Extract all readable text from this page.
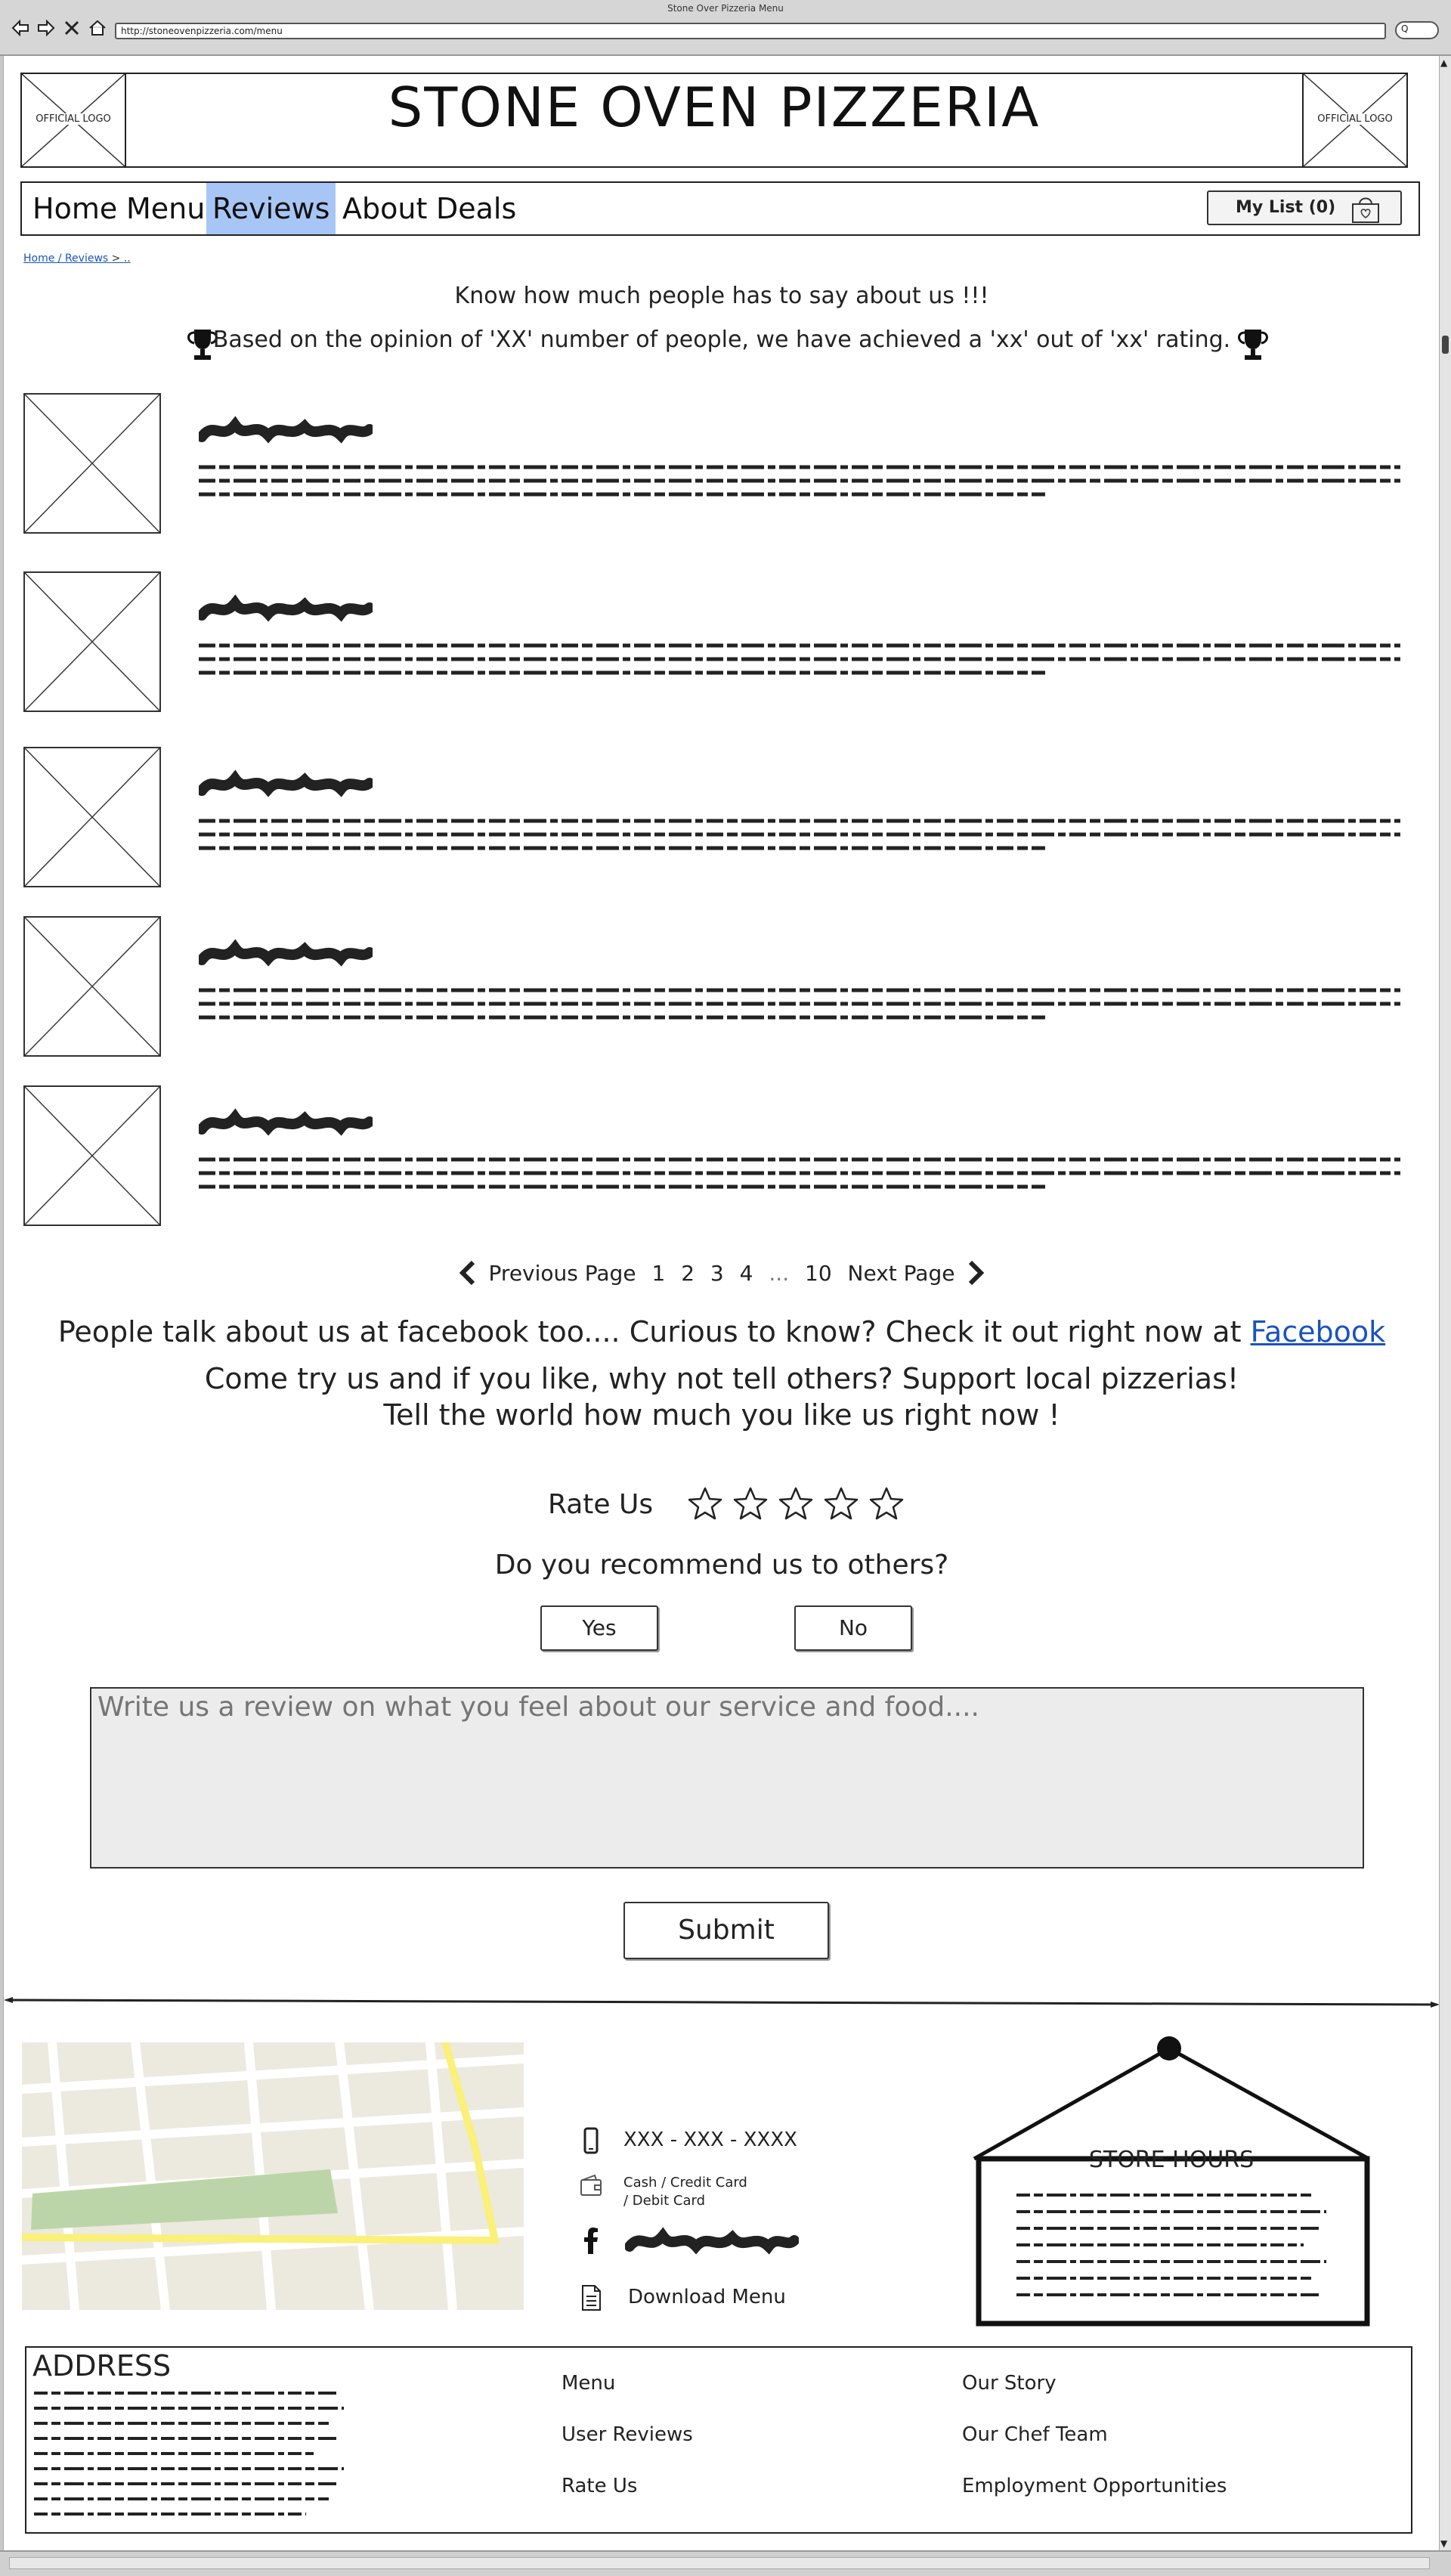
Stone Over Pizzeria Menu
http://stoneovenpizzeria.com/menu	Q
OFFICIAL LOGO	STONE OVEN PIZZERIA	OFFICIAL LOGO
Home Menu Reviews About Deals	My List (0)
Home / Reviews > ..
Know how much people has to say about us !!!
Based on the opinion of 'XX' number of people, we have achieved a 'xx' out of 'xx' rating.
Previous Page 1 2 3 4 ... 10 Next Page
People talk about us at facebook too.... Curious to know? Check it out right now at Facebook
Come try us and if you like, why not tell others? Support local pizzerias!
Tell the world how much you like us right now !
Rate Us
Do you recommend us to others?
Yes	No
Write us a review on what you feel about our service and food....
Submit
XXX - XXX - XXXX
Cash / Credit Card
/ Debit Card
Download Menu
STORE HOURS
ADDRESS
Menu
User Reviews
Rate Us
Our Story
Our Chef Team
Employment Opportunities
▲
▼
